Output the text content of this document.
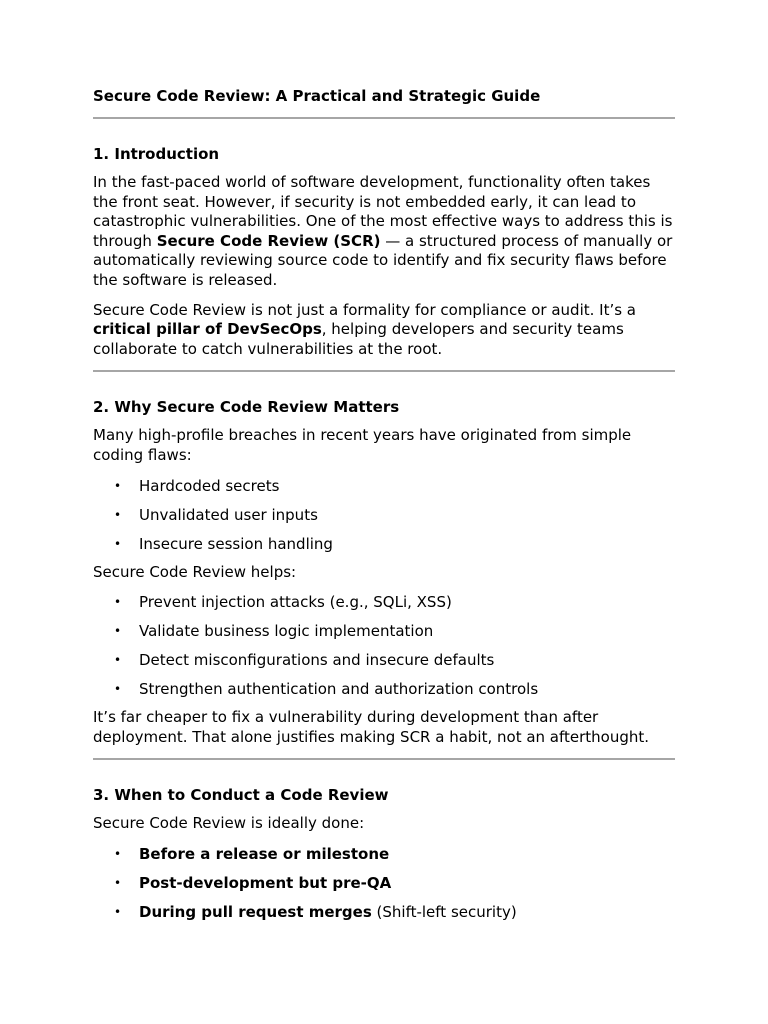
Secure Code Review: A Practical and Strategic Guide
1. Introduction

In the fast-paced world of software development, functionality often takes the front seat. However, if security is not embedded early, it can lead to catastrophic vulnerabilities. One of the most effective ways to address this is through Secure Code Review (SCR) — a structured process of manually or automatically reviewing source code to identify and fix security flaws before the software is released.

Secure Code Review is not just a formality for compliance or audit. It’s a critical pillar of DevSecOps, helping developers and security teams collaborate to catch vulnerabilities at the root.

2. Why Secure Code Review Matters

Many high-profile breaches in recent years have originated from simple coding flaws:

• Hardcoded secrets
• Unvalidated user inputs
• Insecure session handling

Secure Code Review helps:

• Prevent injection attacks (e.g., SQLi, XSS)
• Validate business logic implementation
• Detect misconfigurations and insecure defaults
• Strengthen authentication and authorization controls

It’s far cheaper to fix a vulnerability during development than after deployment. That alone justifies making SCR a habit, not an afterthought.

3. When to Conduct a Code Review

Secure Code Review is ideally done:

• Before a release or milestone
• Post-development but pre-QA
• During pull request merges (Shift-left security)
